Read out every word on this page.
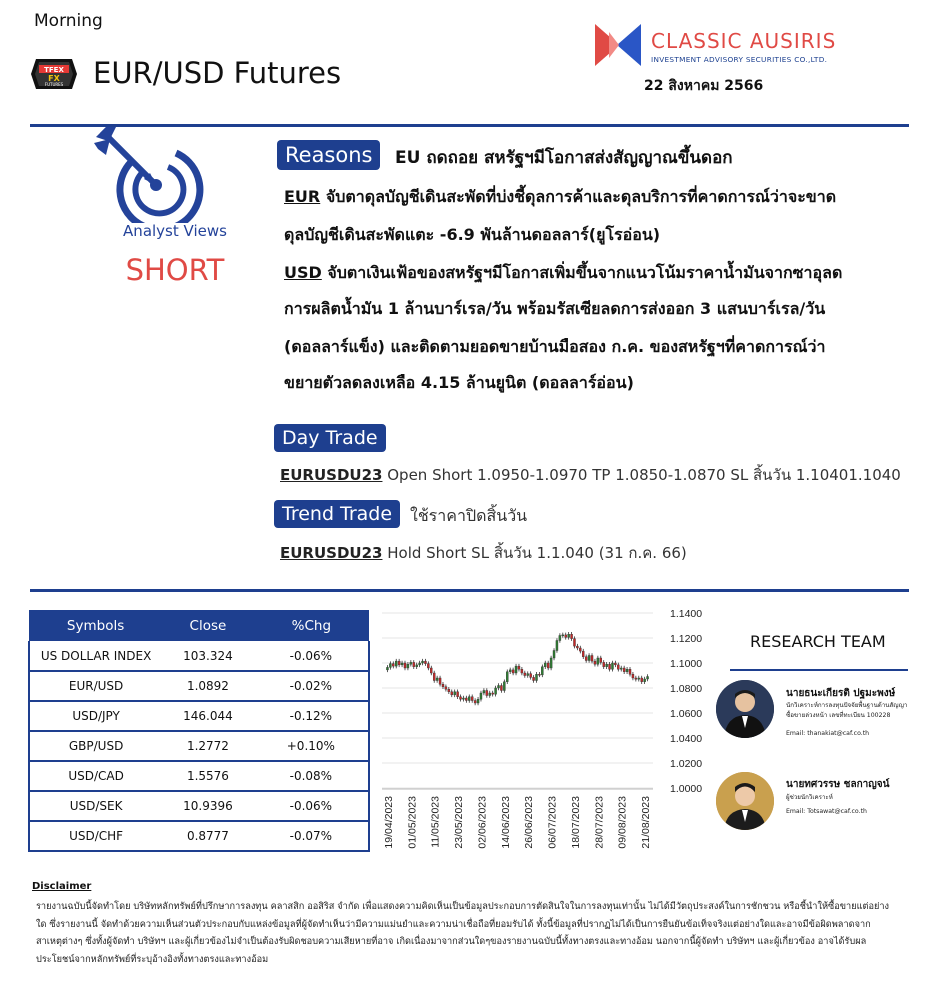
Morning
TFEX
FX
FUTURES EUR/USD Futures
CLASSIC AUSIRIS
INVESTMENT ADVISORY SECURITIES CO.,LTD.
22 สิงหาคม 2566
Analyst Views
SHORT
Reasons	EU ถดถอย สหรัฐฯมีโอกาสส่งสัญญาณขึ้นดอก
EUR จับตาดุลบัญชีเดินสะพัดที่บ่งชี้ดุลการค้าและดุลบริการที่คาดการณ์ว่าจะขาด
ดุลบัญชีเดินสะพัดแตะ -6.9 พันล้านดอลลาร์(ยูโรอ่อน)
USD จับตาเงินเฟ้อของสหรัฐฯมีโอกาสเพิ่มขึ้นจากแนวโน้มราคาน้ำมันจากซาอุลด
การผลิตน้ำมัน 1 ล้านบาร์เรล/วัน พร้อมรัสเซียลดการส่งออก 3 แสนบาร์เรล/วัน
(ดอลลาร์แข็ง) และติดตามยอดขายบ้านมือสอง ก.ค. ของสหรัฐฯที่คาดการณ์ว่า
ขยายตัวลดลงเหลือ 4.15 ล้านยูนิต (ดอลลาร์อ่อน)
Day Trade
EURUSDU23 Open Short 1.0950-1.0970 TP 1.0850-1.0870 SL สิ้นวัน 1.10401.1040
Trend Trade	ใช้ราคาปิดสิ้นวัน
EURUSDU23 Hold Short SL สิ้นวัน 1.1.040 (31 ก.ค. 66)
Symbols	Close	%Chg
US DOLLAR INDEX	103.324	-0.06%
EUR/USD	1.0892	-0.02%
USD/JPY	146.044	-0.12%
GBP/USD	1.2772	+0.10%
USD/CAD	1.5576	-0.08%
USD/SEK	10.9396	-0.06%
USD/CHF	0.8777	-0.07%
1.1400
1.1200
1.1000
1.0800
1.0600
1.0400
1.0200
1.0000
19/04/2023 01/05/2023 11/05/2023 23/05/2023 02/06/2023 14/06/2023 26/06/2023 06/07/2023 18/07/2023 28/07/2023 09/08/2023 21/08/2023
RESEARCH TEAM
นายธนะเกียรติ ปฐมะพงษ์
นักวิเคราะห์การลงทุนปัจจัยพื้นฐานด้านสัญญาซื้อขายล่วงหน้า เลขที่ทะเบียน 100228
Email: thanakiat@caf.co.th
นายทศวรรษ ชลกาญจน์
ผู้ช่วยนักวิเคราะห์
Email: Totsawat@caf.co.th
Disclaimer
รายงานฉบับนี้จัดทำโดย บริษัทหลักทรัพย์ที่ปรึกษาการลงทุน คลาสสิก ออสิริส จำกัด เพื่อแสดงความคิดเห็นเป็นข้อมูลประกอบการตัดสินใจในการลงทุนเท่านั้น ไม่ได้มีวัตถุประสงค์ในการชักชวน หรือชี้นำให้ซื้อขายแต่อย่างใด ซึ่งรายงานนี้ จัดทำด้วยความเห็นส่วนตัวประกอบกับแหล่งข้อมูลที่ผู้จัดทำเห็นว่ามีความแม่นยำและความน่าเชื่อถือที่ยอมรับได้ ทั้งนี้ข้อมูลที่ปรากฏไม่ได้เป็นการยืนยันข้อเท็จจริงแต่อย่างใดและอาจมีข้อผิดพลาดจากสาเหตุต่างๆ ซึ่งทั้งผู้จัดทำ บริษัทฯ และผู้เกี่ยวข้องไม่จำเป็นต้องรับผิดชอบความเสียหายที่อาจ เกิดเนื่องมาจากส่วนใดๆของรายงานฉบับนี้ทั้งทางตรงและทางอ้อม นอกจากนี้ผู้จัดทำ บริษัทฯ และผู้เกี่ยวข้อง อาจได้รับผลประโยชน์จากหลักทรัพย์ที่ระบุอ้างอิงทั้งทางตรงและทางอ้อม
